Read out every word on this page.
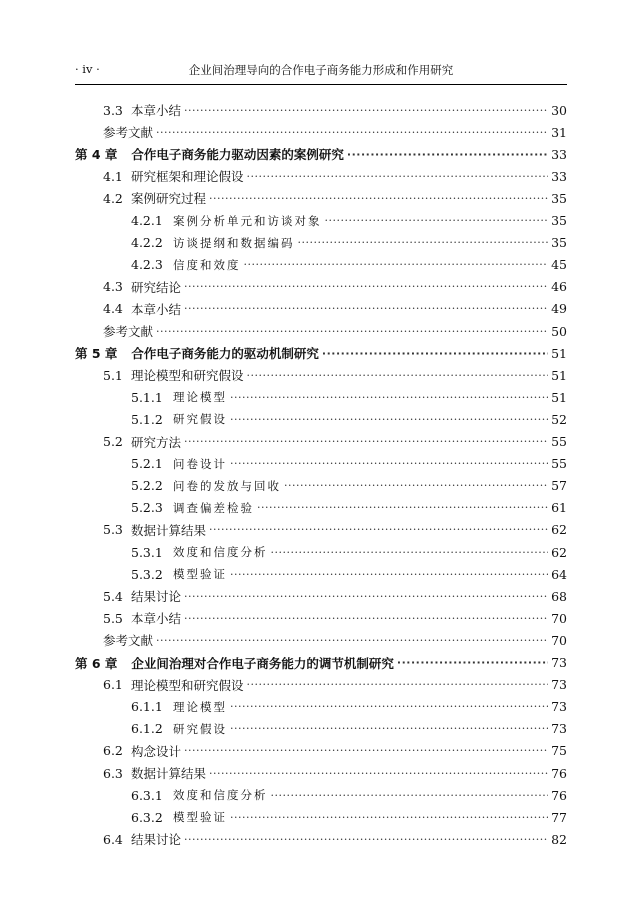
· iv ·	企业间治理导向的合作电子商务能力形成和作用研究
3.3 本章小结 ·····	30
参考文献 ·····	31
第 4 章 合作电子商务能力驱动因素的案例研究 ·····	33
4.1 研究框架和理论假设 ·····	33
4.2 案例研究过程 ·····	35
4.2.1 案例分析单元和访谈对象 ·····	35
4.2.2 访谈提纲和数据编码 ·····	35
4.2.3 信度和效度 ·····	45
4.3 研究结论 ·····	46
4.4 本章小结 ·····	49
参考文献 ·····	50
第 5 章 合作电子商务能力的驱动机制研究 ·····	51
5.1 理论模型和研究假设 ·····	51
5.1.1 理论模型 ·····	51
5.1.2 研究假设 ·····	52
5.2 研究方法 ·····	55
5.2.1 问卷设计 ·····	55
5.2.2 问卷的发放与回收 ·····	57
5.2.3 调查偏差检验 ·····	61
5.3 数据计算结果 ·····	62
5.3.1 效度和信度分析 ·····	62
5.3.2 模型验证 ·····	64
5.4 结果讨论 ·····	68
5.5 本章小结 ·····	70
参考文献 ·····	70
第 6 章 企业间治理对合作电子商务能力的调节机制研究 ·····	73
6.1 理论模型和研究假设 ·····	73
6.1.1 理论模型 ·····	73
6.1.2 研究假设 ·····	73
6.2 构念设计 ·····	75
6.3 数据计算结果 ·····	76
6.3.1 效度和信度分析 ·····	76
6.3.2 模型验证 ·····	77
6.4 结果讨论 ·····	82
